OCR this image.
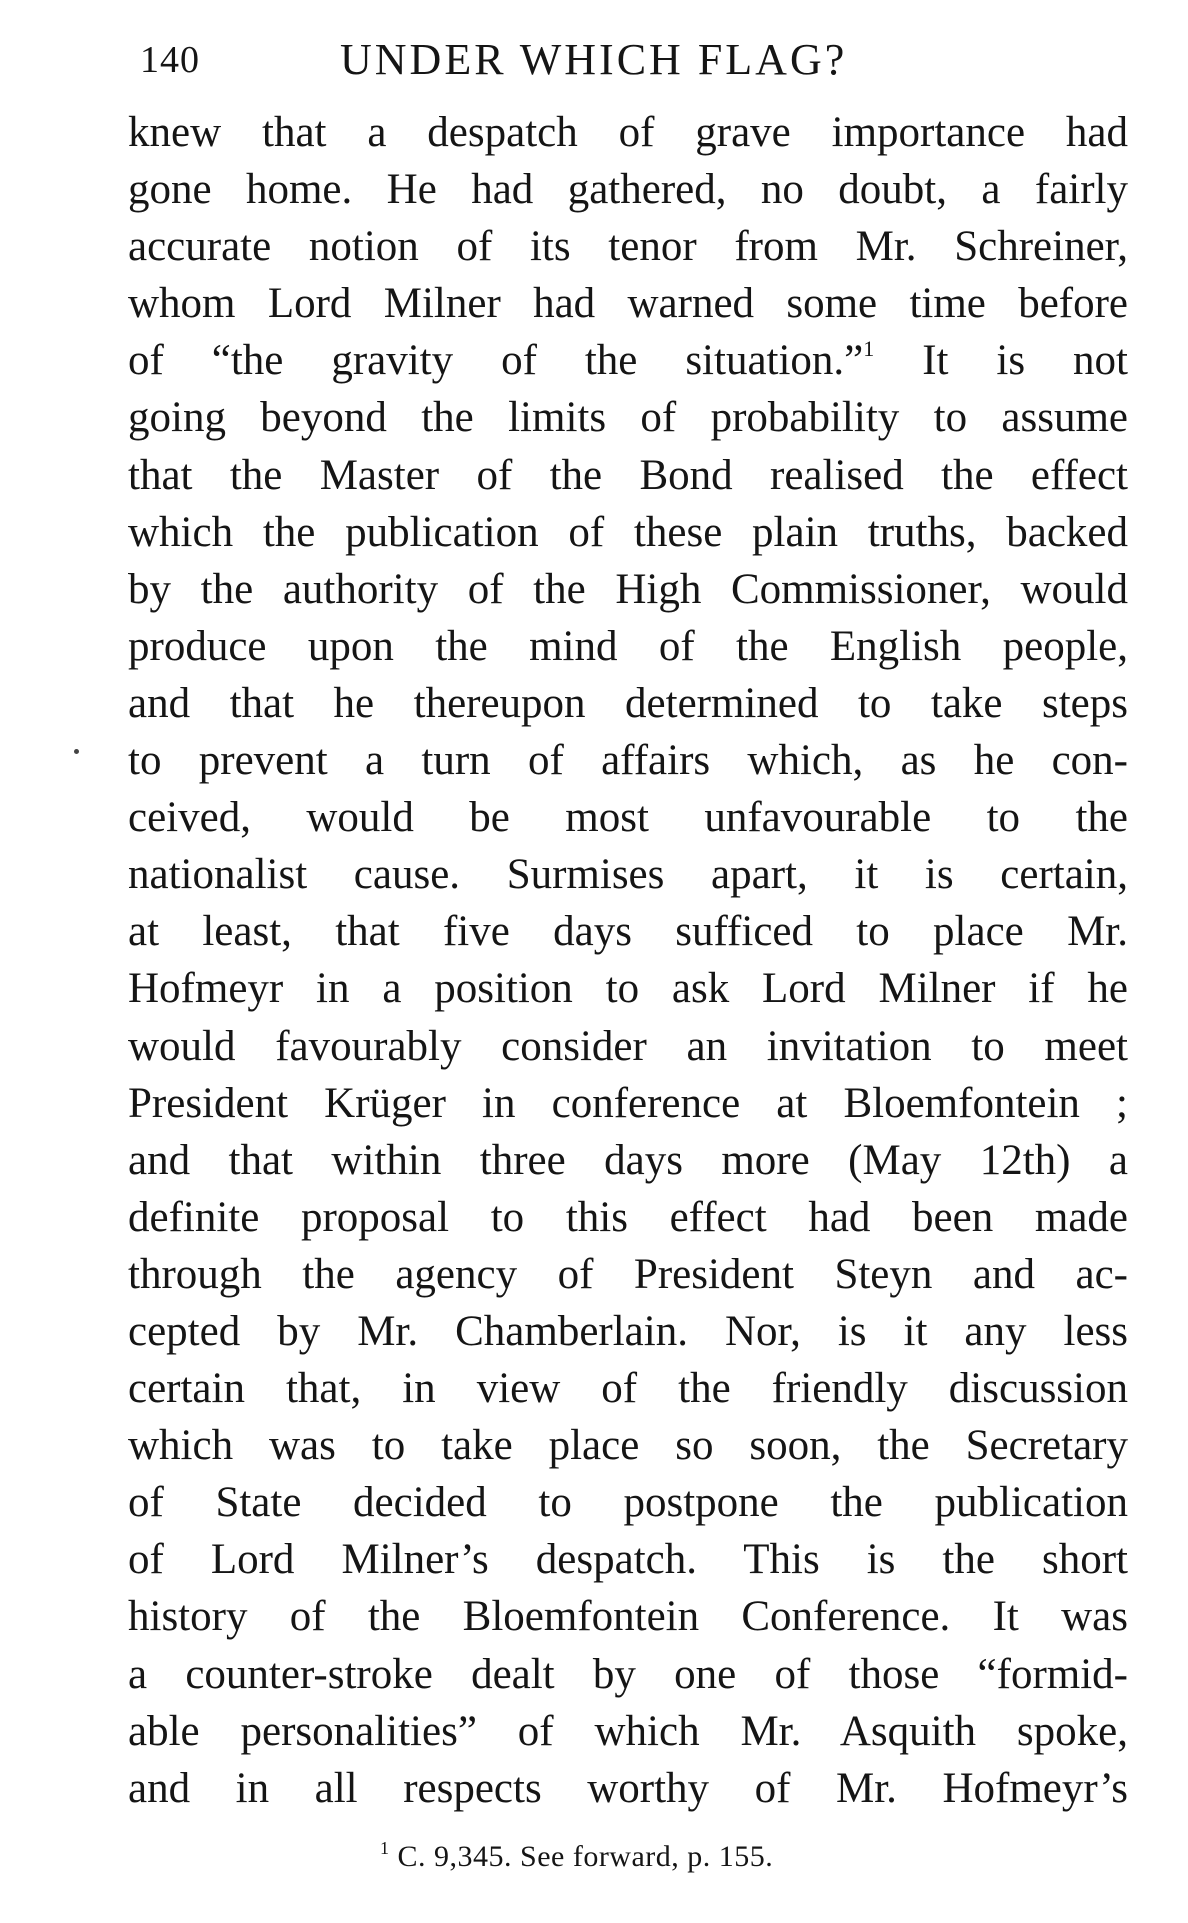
140	UNDER WHICH FLAG?
knew that a despatch of grave importance had
gone home. He had gathered, no doubt, a fairly
accurate notion of its tenor from Mr. Schreiner,
whom Lord Milner had warned some time before
of “the gravity of the situation.”$^1$ It is not
going beyond the limits of probability to assume
that the Master of the Bond realised the effect
which the publication of these plain truths, backed
by the authority of the High Commissioner, would
produce upon the mind of the English people,
and that he thereupon determined to take steps
to prevent a turn of affairs which, as he con-
ceived, would be most unfavourable to the
nationalist cause. Surmises apart, it is certain,
at least, that five days sufficed to place Mr.
Hofmeyr in a position to ask Lord Milner if he
would favourably consider an invitation to meet
President Krüger in conference at Bloemfontein ;
and that within three days more (May 12th) a
definite proposal to this effect had been made
through the agency of President Steyn and ac-
cepted by Mr. Chamberlain. Nor, is it any less
certain that, in view of the friendly discussion
which was to take place so soon, the Secretary
of State decided to postpone the publication
of Lord Milner’s despatch. This is the short
history of the Bloemfontein Conference. It was
a counter-stroke dealt by one of those “formid-
able personalities” of which Mr. Asquith spoke,
and in all respects worthy of Mr. Hofmeyr’s
$^1$ C. 9,345. See forward, p. 155.
